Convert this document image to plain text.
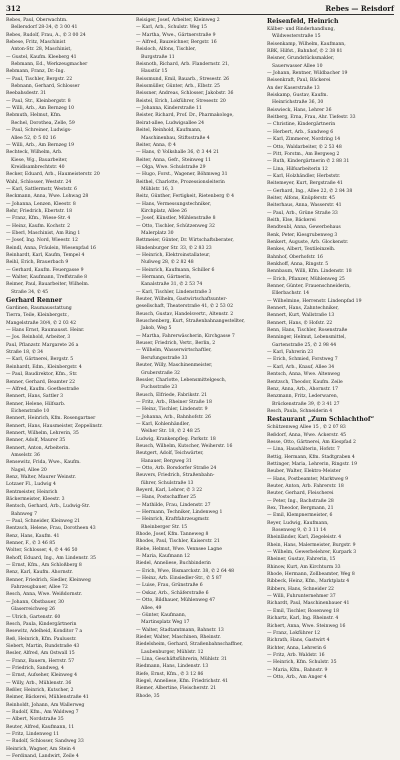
312	Rebes — Reisdorf
Rebes, Paul, Oberwachtm.
Bellersdorf 28-34, ✆ 3 00 41
Rebes, Rudolf, Frau, A., ✆ 3 00 24
Rebese, Fritz, Maschinist
Anton-Str. 28, Maschinist,
— Gustel, Kaufm. Kleeberg 41
Rebmann, Ed., Werkzeugmacher
Rebmann, Franz, Dr.-Ing.
— Paul, Tischler, Bergstr. 22
Rebnann, Gerhard, Schlosser
Reebahsdestr. 31
— Paul, Str., Kleinbergstr. 8
— Willi, Arb., Am Bernzeg 10
Rebmuth, Helmut, Kfm.
Rechel, Dorothea, Zelle, 59
— Paul, Schreiner, Ludwigs-
Allee 52, ✆ 5 02 16
— Willi, Arb., Am Bernzeg 19
Rechteck, Wilhelm, Arb.
Kiese, Wg., Bauarbeiter,
Kreidlsambrechtstr. 40
Recker, Eduard, Arb., Haumeisterstr. 20
Wahl, Schlosser, Weststr. 24
— Karl, Sattlermstr, Weststr. 6
Reckmann, Anna, Wwe. Lohwag 28
— Johanna, Lenzen, Kleestr. 8
Rehr, Friedrich, Ebertstr. 18
— Franz, Kfm., Wiese-Str. 4
— Heinz, Kaufm. Kochstr. 2
— Eberl, Maschinist, Am Ring 1
— Josef, Ing. Nord, Wieestr. 12
Reindl, Anna, Fräulein, Wiesenpfad 16
Reinhardt, Karl, Kaufm, Tempel 4
Reihl, Erich, Brauerbach 9
— Gerhard, Kaufm. Feuergasse 9
— Walter, Kaufmann, Treffstraße 8
Reimer, Paul, Bauarbeiter, Wilhelm.
Straße 34, ✆ 45
Gerhard Renner
Gardinen, Raumausstattung
Tierra, Teile, Kleinbergstr.,
Mangelstraße 30/4, ✆ 2 03 42
— Hans Ernst, Raumausst. Heinr.
— Jos. Reinhold, Arbeiter, 3
Paul, Pflanzstr. Margarete 26 a
Straße 18, ✆ 34
— Karl, Gärtnerei, Bergstr. 5
Reinhardt, Edm., Kleinbergstr. 4
— Paul, Baudirektor, Kfm., Str.
Renner, Gerhard, Beamter 22
— Alfred, Kaufm. Goethestraße
Rennert, Hans, Sattler 3
Renner, Helene, Hilfsarb.
Eichenstraße 10
Rennert, Heinrich, Kfm. Rosengartner
Rennert, Hans, Hausmeister, Zeppelinstr.
Rennert, Wilhelm, Lehrerin, 35
Renner, Adolf, Maurer 35
Rennert, Anton, Arbeiterin.
Amselstr. 36
Rensewitz, Frida, Wwe., Kaufm.
Nagel, Allee 20
Renz, Walter, Maurer Weinstr.
Lotzaer Fl., Ludwig 4
Rentmeister, Heinrich
Bäckermeister, Kleestr. 3
Rentsch, Gerhard, Arb., Ludwig-Str.
Bahnweg 7
— Paul, Schneider, Kleinweg 21
Rentzsch, Helene, Frau, Dorotheen 43
Renz, Hans, Kaufm. 41
Renner, F., ✆ 3 46 85
Wolter, Schlosser, 4, ✆ 4 46 50
Rehoff, Eduard, Ing., Am Lindenstr. 35
— Ernst, Kfm., Am Schloßberg 8
Renz, Karl, Kaufm. Ahornstr.
Renner, Friedrich, Siedler, Kleinweg
Fahrzeugbauer, Allee 72
Resch, Anna, Wwe. Weißdornstr.
— Johann, Obstbauer, 30
Glaserreichweg 26
— Ulrich, Gartenstr. 60
Resch, Paula, Kindergärtnerin
Resewitz, Adelheid, Konditor 7 a
Reß, Heinrich, Kfm. Paulusstr.
Siebert, Martin, Rundstraße 43
Resler, Alfred, Am Ostwall 15
— Franz, Bauern, Herrstr. 57
— Friedrich, Sandweg, 4
— Ernst, Aufseher, Kleinweg 4
— Willy, Arb., Mühlenstr. 36
Reßler, Heinrich, Kutscher, 2
Reimer, Bäckerei, Mühlenstraße 41
Reinholdt, Johann, Am Wallerweg
— Rudolf, Kfm., Am Waldweg 7
— Albert, Nordstraße 35
Reuter, Alfred, Kaufmann, 11
— Fritz, Lindenweg 11
— Rudolf, Schlosser, Sandweg 33
Heinrich, Wagner, Am Stein 4
— Ferdinand, Landwirt, Zeile 4
Reisiger, Josef, Arbeiter, Kleinweg 2
— Karl, Arb., Schulstr. Weg 15
— Martha, Wwe., Gärtnerstraße 9
— Alfred, Bauzeichner, Bergstr. 16
Reisloch, Alfons, Tischler,
Burgstraße 11
Reisnoth, Richard, Arb. Flandernstr. 21,
Haustür 15
Reissmund, Emil, Bauarb., Stresestr. 26
Reissmüller, Günter, Arb., Elbstr. 25
Reissner, Andreas, Schlosser, Jakobstr. 36
Reistel, Erich, Lokführer, Stresestr. 20
— Johanna, Kinderstraße 11
Reister, Richard, Prof. Dr., Pharmakologe,
Beirat-allee, Ludwigsallee 24
Reitel, Reinhold, Kaufmann,
Maschinenbau, Stiftsstraße 4
Reiter, Anna, ✆ 4
— Hans, ✆ Volkshalle 36, ✆ 3 44 21
Reiter, Anna, Gefr., Steinweg 11
— Olga, Wwe. Schulstraße 29
— Hugo, Forst., Wagener, Böhmweg 31
Reithel, Charlotte, Prozessionsleiterin
Mühlstr. 16, 3
Reitz, Günther, Fertigkeit, Rietenberg ✆ 4
— Hans, Vermessungstechniker,
Kirchplatz, Allee 26
— Josef, Künstler, Mühlenstraße 8
— Otto, Tischler, Schützenweg 32
Malerplatz 30
Rettmeier, Günter, Dr. Wirtschaftsberater,
Hindenburger Str. 33, ✆ 2 83 23
— Heinrich, Elektroinstallateur,
Nußweg 28, ✆ 2 82 48
— Heinrich, Kaufmann, Schiller 6
— Hermann, Gärtnerin,
Kanalstraße 31, ✆ 2 53 74
— Karl, Tischler, Lindenstraße 3
Reuter, Wilhelm, Gastwirtschaftsunter-
gesellschaft, Theaterstraße 41, ✆ 2 53 02
Reusch, Gustav, Handelsvertr., Altenstr. 2
Reuschenberg, Kurt, Straßenbahnangestellter,
Jakob, Weg 5
— Martha, Fahrerwäscherin, Kirchgasse 7
Reuser, Friedrich, Vertr., Berlin, 2
— Wilhelm, Wasserwirtschaftler,
Berufungsstraße 33
Reuter, Willy, Maschinenmeister,
Gruberstraße 32
Ressler, Charlotte, Lebensmittelgesch,
Fuchsstraße 23
Reusch, Elfriede, Fabrikstr. 21
— Fritz, Arb., Rheiner Straße 18
— Heinz, Tischler, Lindenstr. 9
— Johanna, Arb., Bahnhofstr. 26
— Karl, Kohlenhändler,
Weiher Str. 18, ✆ 2 48 25
Ludwig, Krankenpfleg. Parkstr. 18
Reusch, Wilhelm, Kutscher, Weiherstr. 16
Reutgert, Adolf, Teichwärter,
Hanauer, Bergweg 31
— Otto, Arb. Borsdorfer Straße 24
Reuvers, Friedrich, Straßenbahn-
führer, Schulstraße 13
Reyerd, Karl, Lehrer, ✆ 3 22
— Hans, Postschaffner 25
— Mathilde, Frau, Lindenstr. 27
— Hermann, Techniker, Lindenweg 1
— Heinrich, Kraftfahrzeugmstr.
Rheinberger Str. 15
Rhode, Josef, Kfm. Tanneweg 8
Rhodes, Paul, Tischler, Kaiserstr. 21
Riebe, Helmut, Wwe. Vennsee Lagne
— Maria, Kaufmann 12
Riedel, Anneliese, Buchbinderin
— Erich, Wwe, Bismarckstr. 38, ✆ 2 64 48
— Heinz, Arb. Einsiedler-Str., ✆ 5 87
— Luise, Frau, Grünstraße 6
— Oskar, Arb., Schäferstraße 6
— Otto, Bildhauer, Mühlenweg 47
Allee, 49
— Günter, Kaufmann,
Martinsplatz Weg 17
— Walter, Stadtamtmann, Bahnstr. 13
Rieder, Walter, Maschinen, Rheinstr.
Riedelsheim, Gerhard, Straßenbahnschaffner,
Laubenburger, Mühlstr. 12
— Lina, Geschäftsführerin, Mühlstr. 31
Riedmann, Hans, Lindenstr. 13
Riefe, Ernst, Kfm., ✆ 3 12 86
Riegel, Anneliese, Kfm. Friedrichstr. 41
Riemer, Albertine, Fleischerstr. 21
Rhode, 35
Reisenfeld, Heinrich
Kälber- und Rinderhandlung,
Wildwesterstraße 15
Reisenkamp, Wilhelm, Kaufmann,
RBK, Hilfst., Bahnhof, ✆ 2 38 81
Reisner, Grundstücksmakler,
Sauerwasser Allee 10
— Johann, Rentner, Wildbacher 19
Reisenkraft, Paul, Bäckerei
An der Kaserstraße 13
Reiskamp, Gustav, Kaufm.
Heinrichstraße 36, 30
Reiswieck, Hans, Lehrer 36
Reitberg, Erna, Frau, Ahr. Tiefestr. 33
— Christine, Kindergärtnerin
— Herbert, Arb., Sandweg 6
— Karl, Zimmerer, Nordring 14
— Otto, Waldarbeiter, ✆ 2 53 48
— Pitt, Forstm., Am Bergweg 2
— Ruth, Kindergärtnerin ✆ 2 88 31
— Lina, Hilfsarbeiterin 12
— Karl, Holzhändler, Herbststr.
Reitemeyer, Kurt, Bergstraße 41
— Gerhard, Ing., Allee 22, ✆ 2 84 38
Reiter, Alfons, Knüpferstr. 45
Reiterhaus, Anna, Wasserstr. 41
— Paul, Arb., Grüne Straße 33
Reith, Else, Bäckerei
Rendteubl, Anna, Gewerbehaus
Renk, Peter, Kiesgrubenweg 3
Renkert, Auguste, Arb. Glockenstr.
Renkes, Albert, Textileinzelh.
Bahnhof, Oberhofstr. 16
Renkhoff, Anna, Ringstr. 5
Rennbaum, Willi, Kfm. Lindenstr. 18
— Erich, Pflanzer, Mühlenweg 25
Renner, Günter, Frauenschneiderin,
Ellerbachstr. 14
— Wilhelmine, Herrenstr. Lindenpfad 19
Rennert, Hans, Zahntechniker,
Rennert, Kurt, Wallstraße 13
Rennert, Hans, ✆ Hofstr. 22
Renn, Hans, Tischler, Rosenstraße
Renninger, Helmut, Lebensmittel,
Gartenstraße 25, ✆ 2 98 44
— Karl, Fahrerin 23
— Erich, Schmied, Forstweg 7
— Karl, Arb., Knauf, Allee 34
Rentsch, Anna, Wwe. Altenweg
Rentzsch, Theodor, Kaufm. Zeile
Renz, Anna, Arb., Ahornstr. 17
Renzmann, Fritz, Lederwaren,
Brückenstraße 39, ✆ 3 41 27
Resch, Paula, Schneiderin 4
Restaurant „Zum Schlachthof“
Schützenweg Allee 15 , ✆ 2 07 83
Reßdorf, Anna, Wwe. Ackerstr. 45
Resse, Otto, Gärtnerei, Am Kiespfad 2
— Lina, Haushälterin, Hofstr. 7
Rettig, Hermann, Kfm. Stadtgraben 4
Rettinger, Maria, Lehrerin, Ringstr. 19
Reuber, Walter, Elektro-Meister
— Hans, Postbeamter, Marktweg 9
Reuter, Anton, Arb. Fahrerstr. 18
Reuter, Gerhard, Fleischerei
— Peter, Ing., Bachstraße 28
Rex, Theodor, Bergmann, 21
— Emil, Klempnermeister, 6
Reyer, Ludwig, Kaufmann,
Rosenweg 9, ✆ 3 11 14
Rheinländer, Karl, Ziegeleistr. 4
Rhein, Hans, Malermeister, Burgstr. 9
— Wilhelm, Gewerbelehrer, Kurpark 3
Rheiner, Gustav, Fahrerin, 15
Rhinow, Kurt, Am Kirchturm 33
Rhode, Hermann, Zollbeamter, Weg 8
Ribbeck, Heinz, Kfm., Marktplatz 4
Ribbers, Hans, Schneider 22
— Willi, Fuhrunternehmer 37
Richardt, Paul, Maschinenbauer 41
— Emil, Tischler, Rosenweg 18
Richartz, Karl, Ing. Rheinstr. 4
Richert, Anna, Wwe. Steinweg 16
— Franz, Lokführer 12
Richrath, Hans, Gastwirt 4
Richter, Anna, Lehrerin 6
— Fritz, Arb. Waldstr. 16
— Heinrich, Kfm. Schulstr. 35
— Maria, Kfm., Bahnstr. 9
— Otto, Arb., Am Anger 4
